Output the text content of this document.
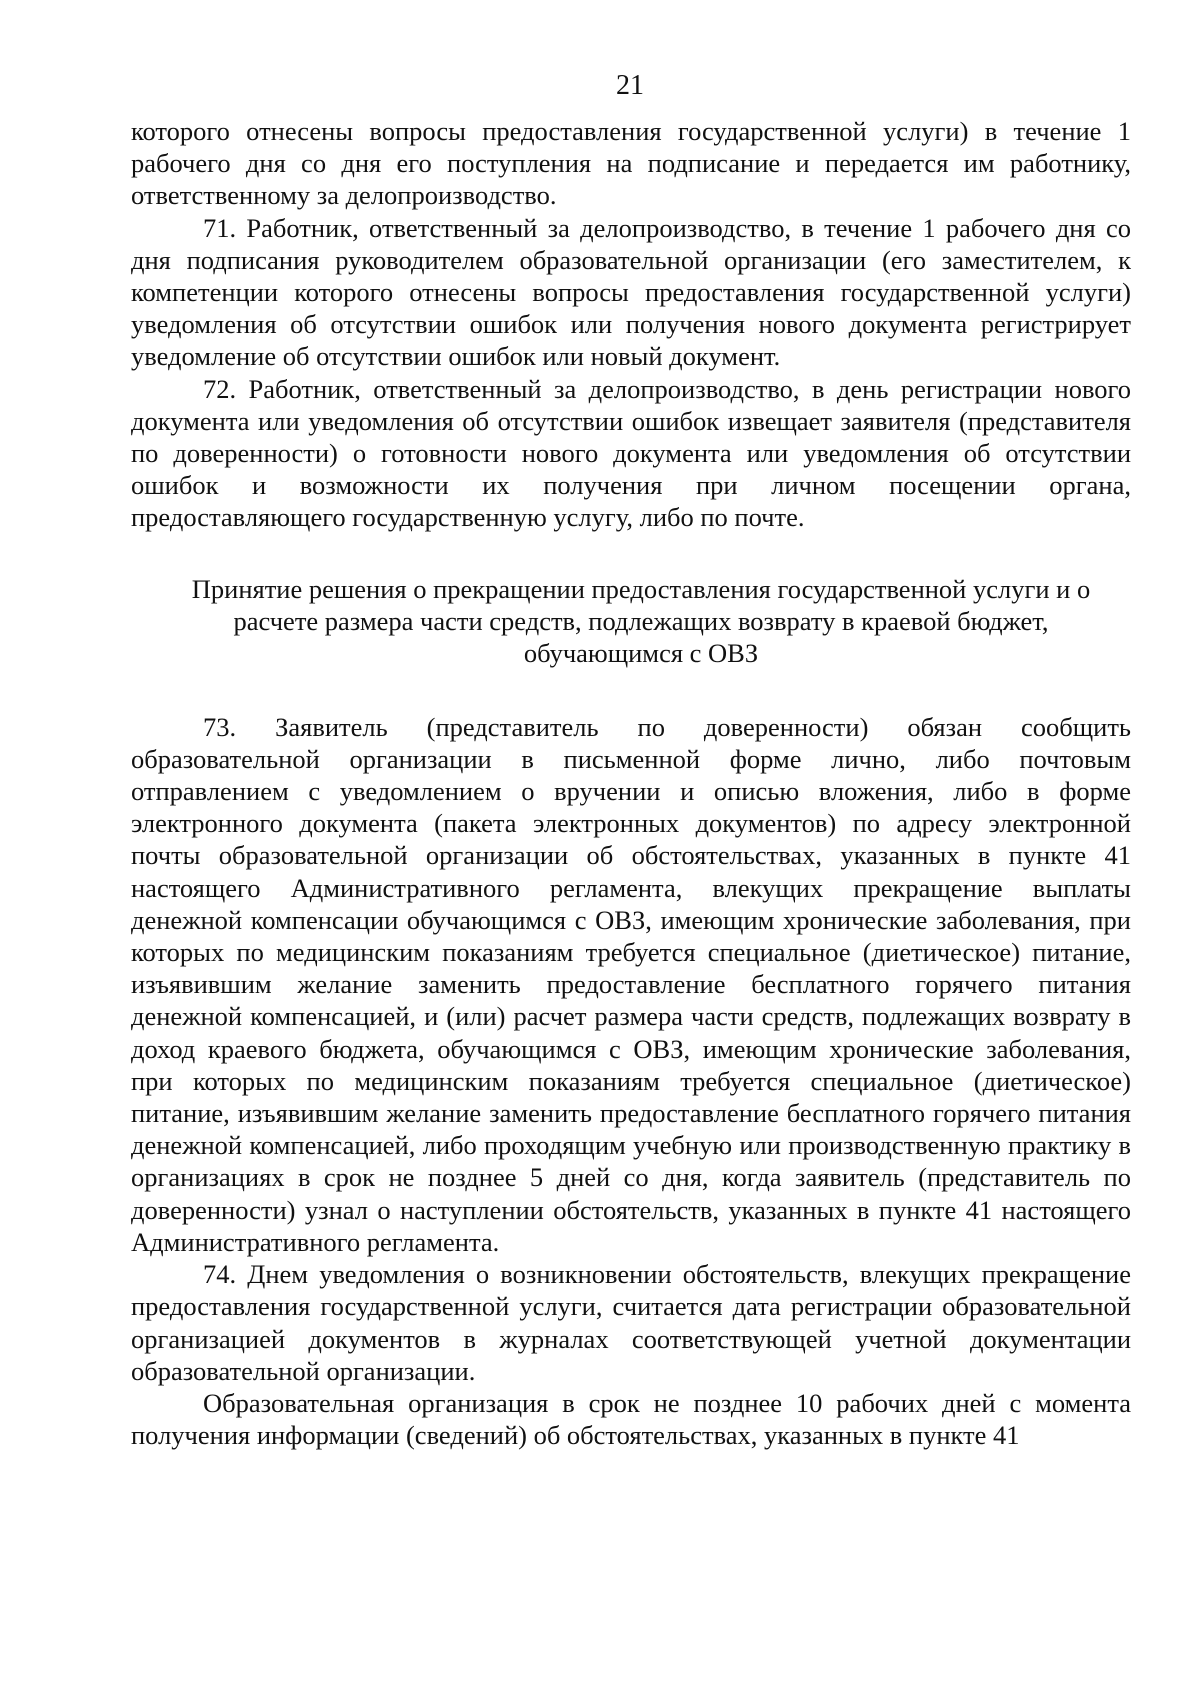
21

которого отнесены вопросы предоставления государственной услуги) в течение 1 рабочего дня со дня его поступления на подписание и передается им работнику, ответственному за делопроизводство.

71. Работник, ответственный за делопроизводство, в течение 1 рабочего дня со дня подписания руководителем образовательной организации (его заместителем, к компетенции которого отнесены вопросы предоставления государственной услуги) уведомления об отсутствии ошибок или получения нового документа регистрирует уведомление об отсутствии ошибок или новый документ.

72. Работник, ответственный за делопроизводство, в день регистрации нового документа или уведомления об отсутствии ошибок извещает заявителя (представителя по доверенности) о готовности нового документа или уведомления об отсутствии ошибок и возможности их получения при личном посещении органа, предоставляющего государственную услугу, либо по почте.

Принятие решения о прекращении предоставления государственной услуги и о расчете размера части средств, подлежащих возврату в краевой бюджет, обучающимся с ОВЗ

73. Заявитель (представитель по доверенности) обязан сообщить образовательной организации в письменной форме лично, либо почтовым отправлением с уведомлением о вручении и описью вложения, либо в форме электронного документа (пакета электронных документов) по адресу электронной почты образовательной организации об обстоятельствах, указанных в пункте 41 настоящего Административного регламента, влекущих прекращение выплаты денежной компенсации обучающимся с ОВЗ, имеющим хронические заболевания, при которых по медицинским показаниям требуется специальное (диетическое) питание, изъявившим желание заменить предоставление бесплатного горячего питания денежной компенсацией, и (или) расчет размера части средств, подлежащих возврату в доход краевого бюджета, обучающимся с ОВЗ, имеющим хронические заболевания, при которых по медицинским показаниям требуется специальное (диетическое) питание, изъявившим желание заменить предоставление бесплатного горячего питания денежной компенсацией, либо проходящим учебную или производственную практику в организациях в срок не позднее 5 дней со дня, когда заявитель (представитель по доверенности) узнал о наступлении обстоятельств, указанных в пункте 41 настоящего Административного регламента.

74. Днем уведомления о возникновении обстоятельств, влекущих прекращение предоставления государственной услуги, считается дата регистрации образовательной организацией документов в журналах соответствующей учетной документации образовательной организации.

Образовательная организация в срок не позднее 10 рабочих дней с момента получения информации (сведений) об обстоятельствах, указанных в пункте 41
